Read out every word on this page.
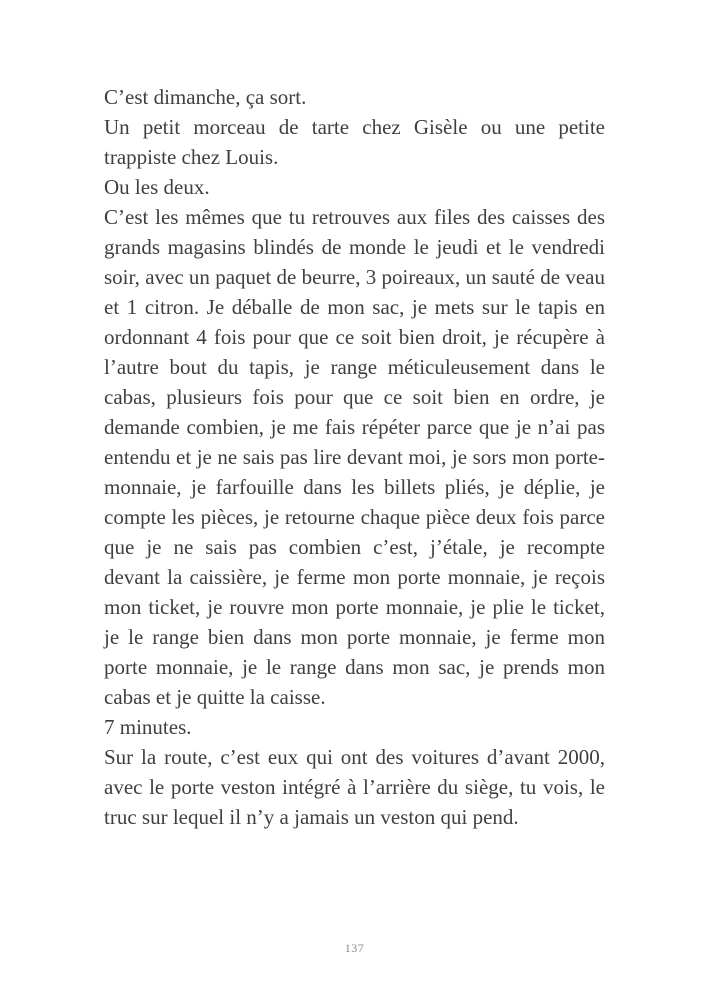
C’est dimanche, ça sort.

Un petit morceau de tarte chez Gisèle ou une petite trappiste chez Louis.

Ou les deux.

C’est les mêmes que tu retrouves aux files des caisses des grands magasins blindés de monde le jeudi et le vendredi soir, avec un paquet de beurre, 3 poireaux, un sauté de veau et 1 citron. Je déballe de mon sac, je mets sur le tapis en ordonnant 4 fois pour que ce soit bien droit, je récupère à l’autre bout du tapis, je range méticuleusement dans le cabas, plusieurs fois pour que ce soit bien en ordre, je demande combien, je me fais répéter parce que je n’ai pas entendu et je ne sais pas lire devant moi, je sors mon porte-monnaie, je farfouille dans les billets pliés, je déplie, je compte les pièces, je retourne chaque pièce deux fois parce que je ne sais pas combien c’est, j’étale, je recompte devant la caissière, je ferme mon porte monnaie, je reçois mon ticket, je rouvre mon porte monnaie, je plie le ticket, je le range bien dans mon porte monnaie, je ferme mon porte monnaie, je le range dans mon sac, je prends mon cabas et je quitte la caisse.

7 minutes.

Sur la route, c’est eux qui ont des voitures d’avant 2000, avec le porte veston intégré à l’arrière du siège, tu vois, le truc sur lequel il n’y a jamais un veston qui pend.

137
